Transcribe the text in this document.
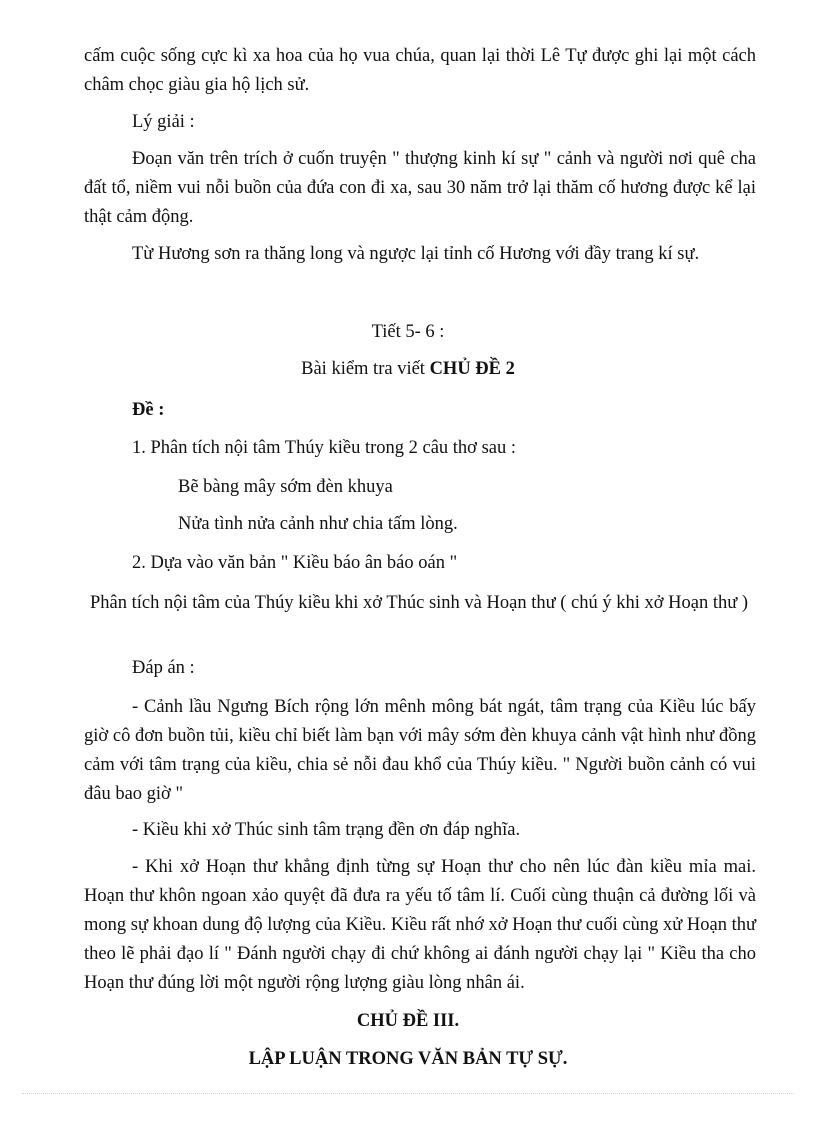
cấm cuộc sống cực kì xa hoa của họ vua chúa, quan lại thời Lê Tự được ghi lại một cách châm chọc giàu gia hộ lịch sử.

Lý giải :

Đoạn văn trên trích ở cuốn truyện " thượng kinh kí sự " cảnh và người nơi quê cha đất tổ, niềm vui nỗi buồn của đứa con đi xa, sau 30 năm trở lại thăm cố hương được kể lại thật cảm động.

Từ Hương sơn ra thăng long và ngược lại tỉnh cố Hương với đầy trang kí sự.

Tiết 5- 6 :

Bài kiểm tra viết CHỦ ĐỀ 2

Đề :

1. Phân tích nội tâm Thúy kiều trong 2 câu thơ sau :

Bẽ bàng mây sớm đèn khuya

Nửa tình nửa cảnh như chia tấm lòng.

2. Dựa vào văn bản " Kiều báo ân báo oán "

Phân tích nội tâm của Thúy kiều khi xở Thúc sinh và Hoạn thư ( chú ý khi xở Hoạn thư )

Đáp án :

- Cảnh lầu Ngưng Bích rộng lớn mênh mông bát ngát, tâm trạng của Kiều lúc bấy giờ cô đơn buồn tủi, kiều chỉ biết làm bạn với mây sớm đèn khuya cảnh vật hình như đồng cảm với tâm trạng của kiều, chia sẻ nỗi đau khổ của Thúy kiều. " Người buồn cảnh có vui đâu bao giờ "

- Kiều khi xở Thúc sinh tâm trạng đền ơn đáp nghĩa.

- Khi xở Hoạn thư khẳng định từng sự Hoạn thư cho nên lúc đàn kiều mỉa mai. Hoạn thư khôn ngoan xảo quyệt đã đưa ra yếu tố tâm lí. Cuối cùng thuận cả đường lối và mong sự khoan dung độ lượng của Kiều. Kiều rất nhớ xở Hoạn thư cuối cùng xử Hoạn thư theo lẽ phải đạo lí " Đánh người chạy đi chứ không ai đánh người chạy lại " Kiều tha cho Hoạn thư đúng lời một người rộng lượng giàu lòng nhân ái.

CHỦ ĐỀ III.

LẬP LUẬN TRONG VĂN BẢN TỰ SỰ.
